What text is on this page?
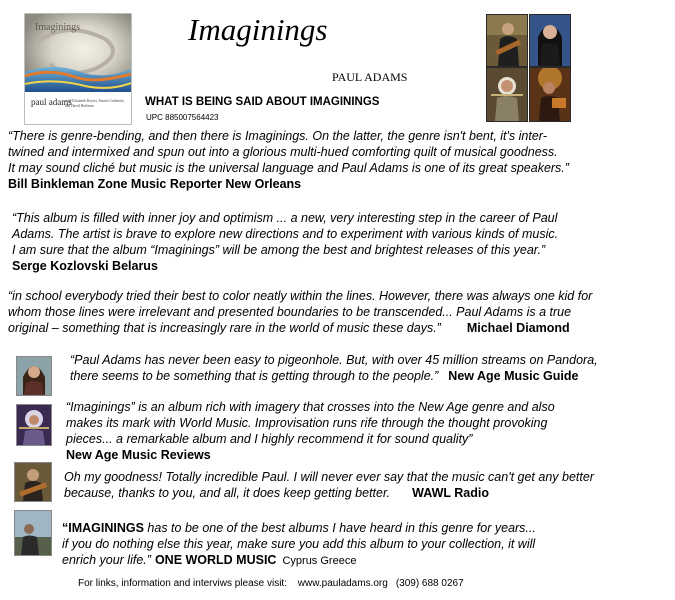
Imaginings
paul adams
with Elizabeth Keyser, Frazier Catliendo, and David Hoffman
Imaginings
PAUL ADAMS
WHAT IS BEING SAID ABOUT IMAGININGS
UPC 885007564423
“There is genre-bending, and then there is Imaginings. On the latter, the genre isn't bent, it's inter-
twined and intermixed and spun out into a glorious multi-hued comforting quilt of musical goodness.
It may sound cliché but music is the universal language and Paul Adams is one of its great speakers.”
Bill Binkleman Zone Music Reporter New Orleans
“This album is filled with inner joy and optimism ... a new, very interesting step in the career of Paul
Adams. The artist is brave to explore new directions and to experiment with various kinds of music.
I am sure that the album “Imaginings” will be among the best and brightest releases of this year.”
Serge Kozlovski Belarus
“in school everybody tried their best to color neatly within the lines. However, there was always one kid for
whom those lines were irrelevant and presented boundaries to be transcended... Paul Adams is a true
original – something that is increasingly rare in the world of music these days.” Michael Diamond
“Paul Adams has never been easy to pigeonhole. But, with over 45 million streams on Pandora,
there seems to be something that is getting through to the people.” New Age Music Guide
“Imaginings” is an album rich with imagery that crosses into the New Age genre and also
makes its mark with World Music. Improvisation runs rife through the thought provoking
pieces... a remarkable album and I highly recommend it for sound quality”
New Age Music Reviews
Oh my goodness! Totally incredible Paul. I will never ever say that the music can't get any better
because, thanks to you, and all, it does keep getting better. WAWL Radio
“IMAGININGS has to be one of the best albums I have heard in this genre for years...
if you do nothing else this year, make sure you add this album to your collection, it will
enrich your life.” ONE WORLD MUSIC Cyprus Greece
For links, information and interviws please visit: www.pauladams.org (309) 688 0267
